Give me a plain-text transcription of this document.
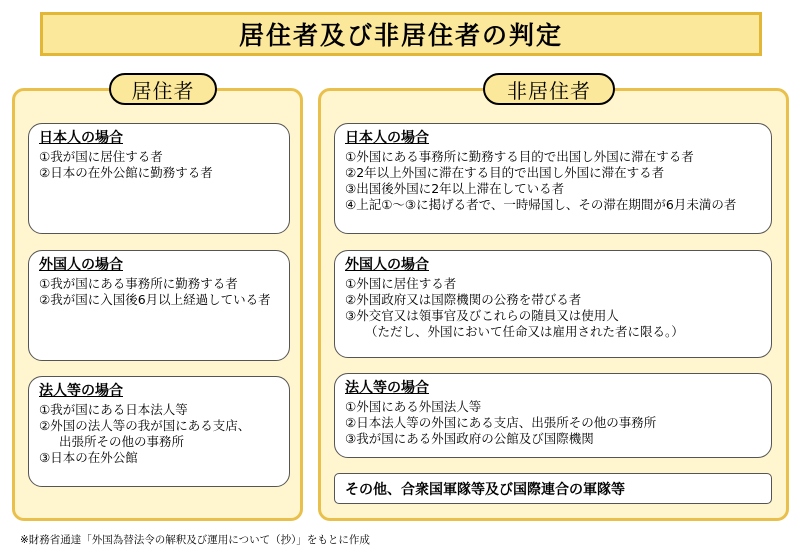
居住者及び非居住者の判定
居住者	非居住者
日本人の場合

①我が国に居住する者

②日本の在外公館に勤務する者

外国人の場合

①我が国にある事務所に勤務する者

②我が国に入国後6月以上経過している者

法人等の場合

①我が国にある日本法人等

②外国の法人等の我が国にある支店、

出張所その他の事務所

③日本の在外公館

日本人の場合

①外国にある事務所に勤務する目的で出国し外国に滞在する者

②2年以上外国に滞在する目的で出国し外国に滞在する者

③出国後外国に2年以上滞在している者

④上記①～③に掲げる者で、一時帰国し、その滞在期間が6月未満の者

外国人の場合

①外国に居住する者

②外国政府又は国際機関の公務を帯びる者

③外交官又は領事官及びこれらの随員又は使用人

（ただし、外国において任命又は雇用された者に限る。）

法人等の場合

①外国にある外国法人等

②日本法人等の外国にある支店、出張所その他の事務所

③我が国にある外国政府の公館及び国際機関

その他、合衆国軍隊等及び国際連合の軍隊等
※財務省通達「外国為替法令の解釈及び運用について（抄）」をもとに作成
